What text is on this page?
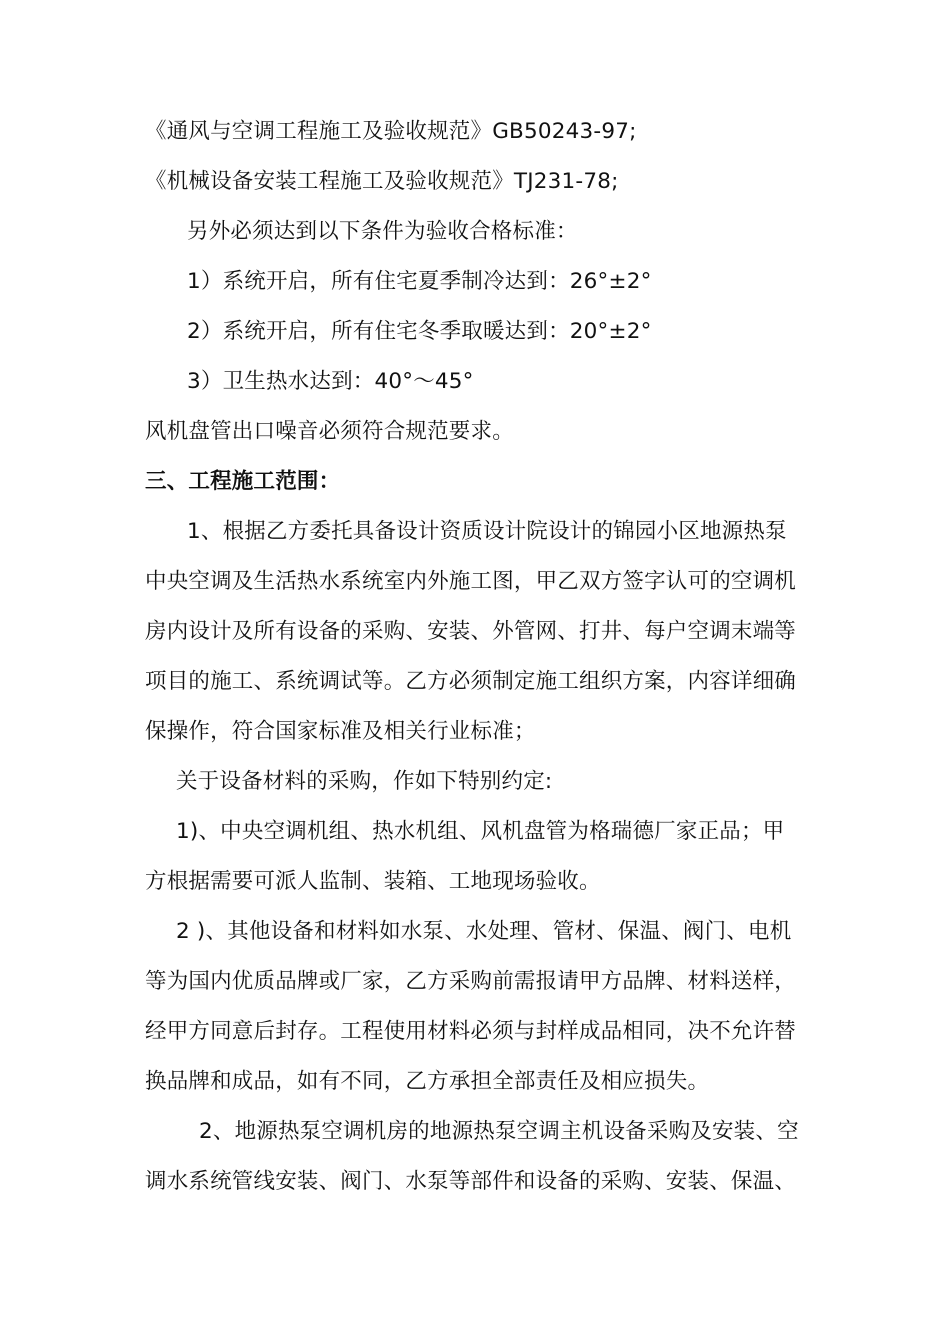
《通风与空调工程施工及验收规范》GB50243-97;
《机械设备安装工程施工及验收规范》TJ231-78;
另外必须达到以下条件为验收合格标准：
1）系统开启，所有住宅夏季制冷达到：26°±2°
2）系统开启，所有住宅冬季取暖达到：20°±2°
3）卫生热水达到：40°～45°
风机盘管出口噪音必须符合规范要求。
三、工程施工范围：
1、根据乙方委托具备设计资质设计院设计的锦园小区地源热泵
中央空调及生活热水系统室内外施工图，甲乙双方签字认可的空调机
房内设计及所有设备的采购、安装、外管网、打井、每户空调末端等
项目的施工、系统调试等。乙方必须制定施工组织方案，内容详细确
保操作，符合国家标准及相关行业标准；
关于设备材料的采购，作如下特别约定:
1)、中央空调机组、热水机组、风机盘管为格瑞德厂家正品；甲
方根据需要可派人监制、装箱、工地现场验收。
2 )、其他设备和材料如水泵、水处理、管材、保温、阀门、电机
等为国内优质品牌或厂家，乙方采购前需报请甲方品牌、材料送样，
经甲方同意后封存。工程使用材料必须与封样成品相同，决不允许替
换品牌和成品，如有不同，乙方承担全部责任及相应损失。
2、地源热泵空调机房的地源热泵空调主机设备采购及安装、空
调水系统管线安装、阀门、水泵等部件和设备的采购、安装、保温、
